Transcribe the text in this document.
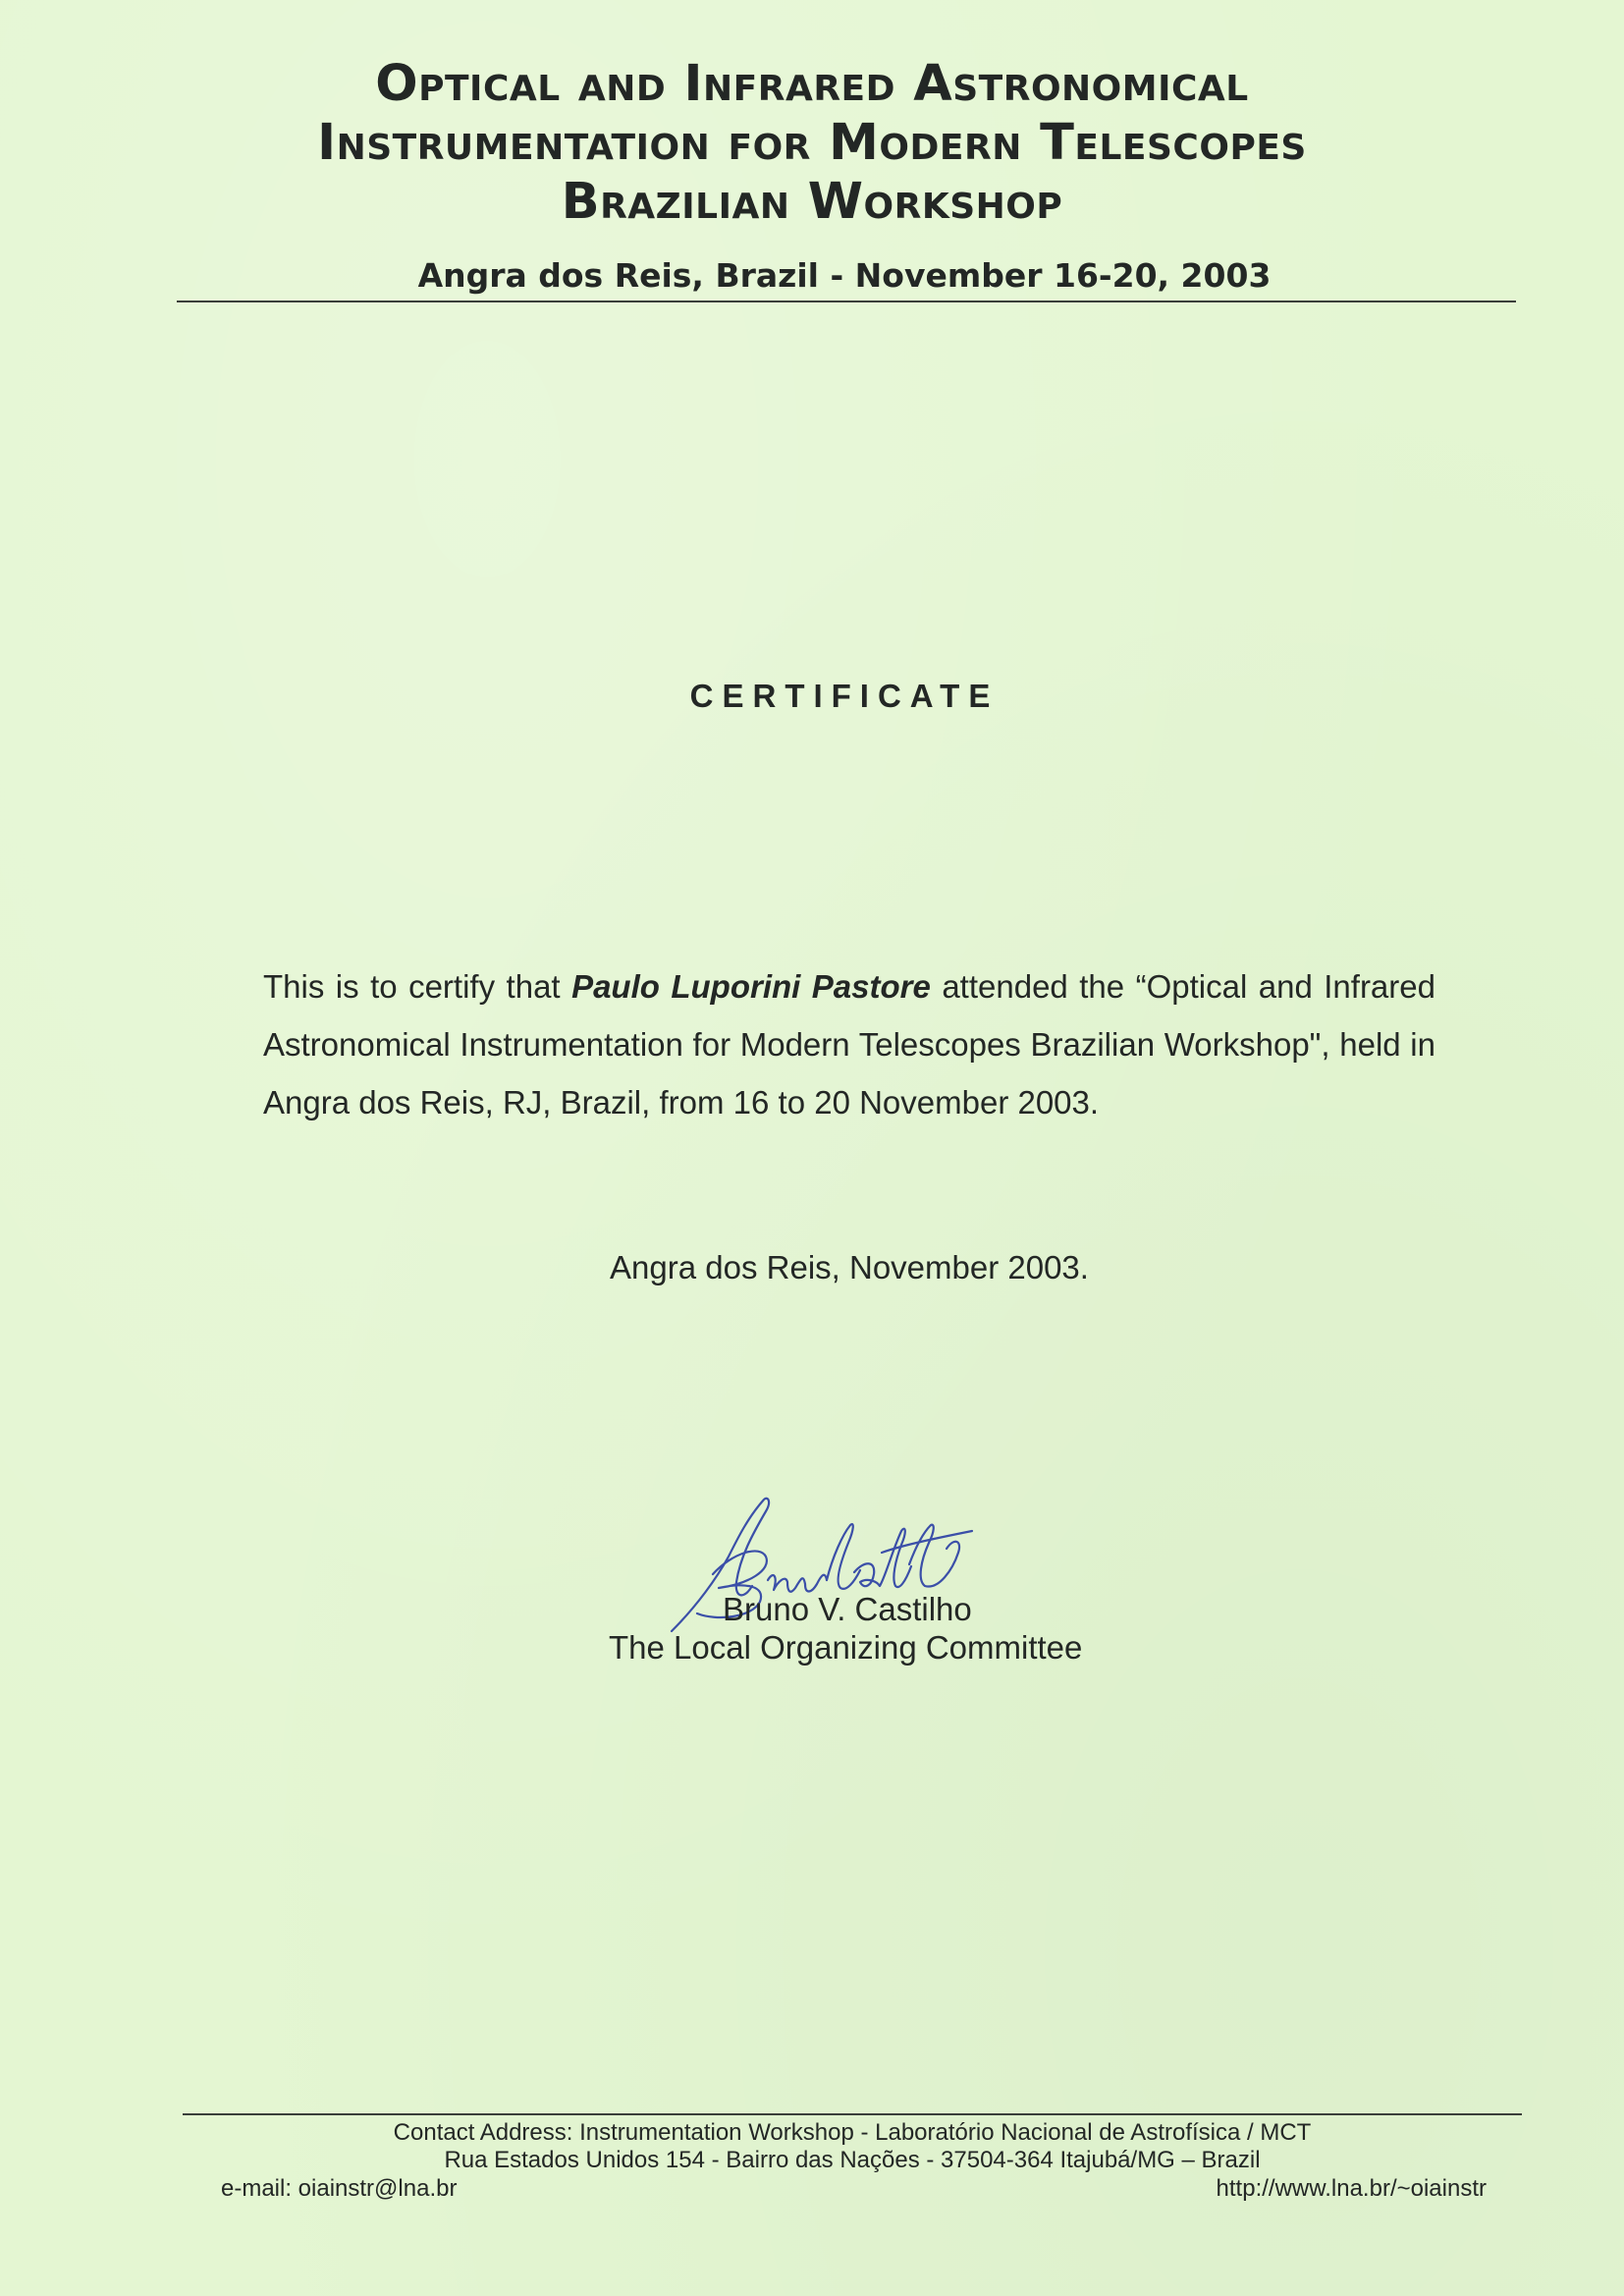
Optical and Infrared Astronomical
Instrumentation for Modern Telescopes
Brazilian Workshop
Angra dos Reis, Brazil - November 16-20, 2003
CERTIFICATE
This is to certify that Paulo Luporini Pastore attended the “Optical and Infrared Astronomical Instrumentation for Modern Telescopes Brazilian Workshop", held in Angra dos Reis, RJ, Brazil, from 16 to 20 November 2003.
Angra dos Reis, November 2003.
Bruno V. Castilho
The Local Organizing Committee
Contact Address: Instrumentation Workshop - Laboratório Nacional de Astrofísica / MCT
Rua Estados Unidos 154 - Bairro das Nações - 37504-364 Itajubá/MG – Brazil
e-mail: oiainstr@lna.br	http://www.lna.br/~oiainstr
